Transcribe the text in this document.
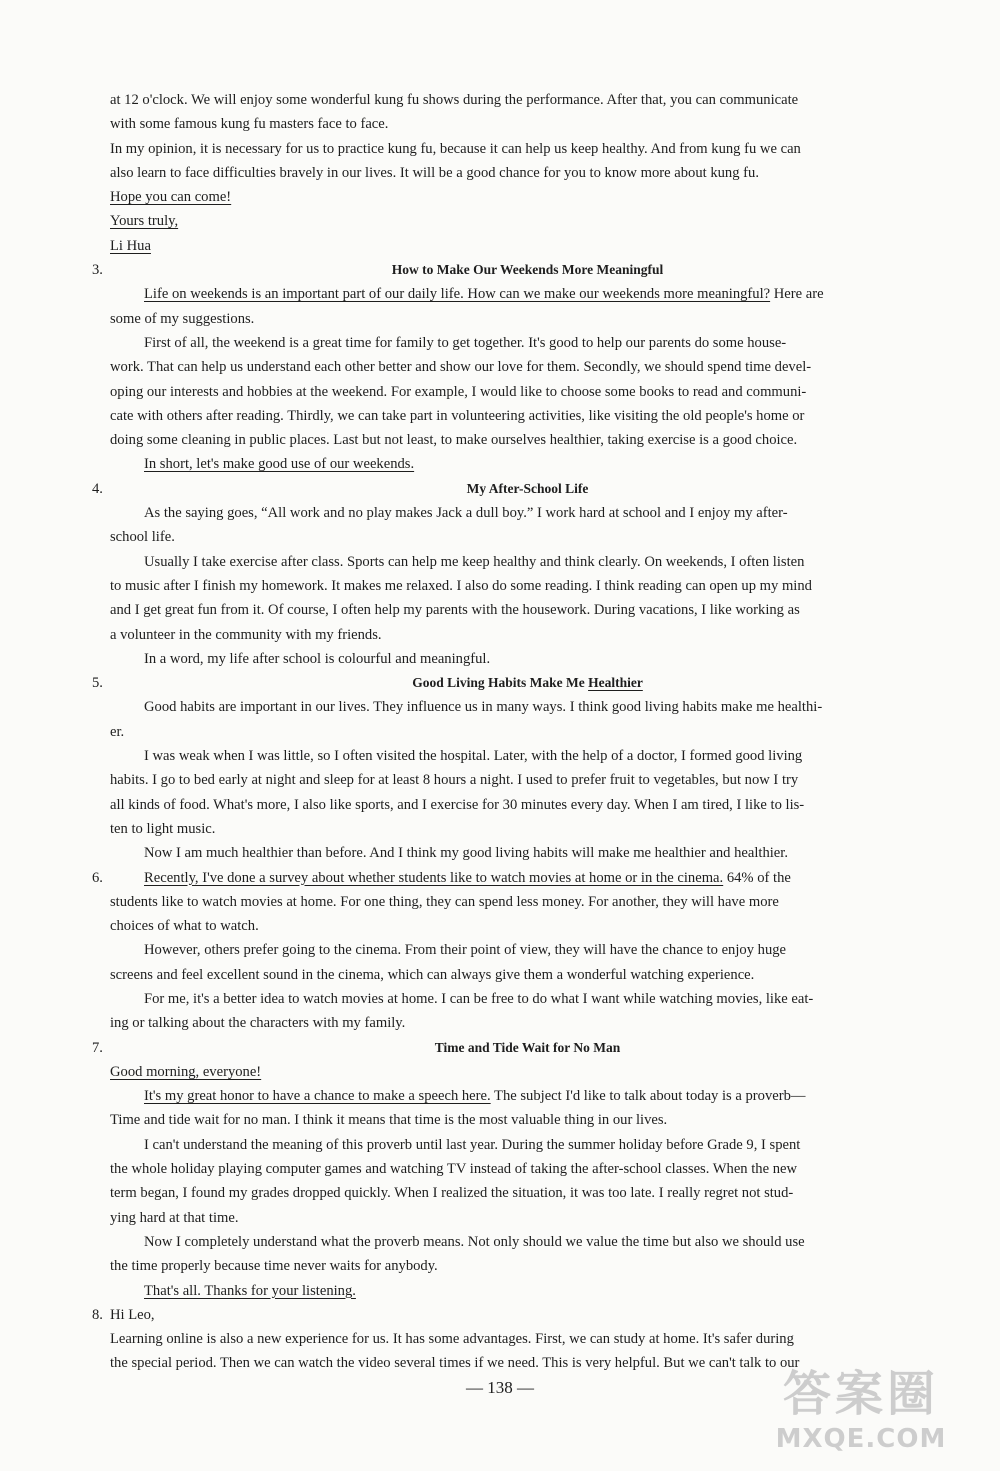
at 12 o'clock. We will enjoy some wonderful kung fu shows during the performance. After that, you can communicate
with some famous kung fu masters face to face.
In my opinion, it is necessary for us to practice kung fu, because it can help us keep healthy. And from kung fu we can
also learn to face difficulties bravely in our lives. It will be a good chance for you to know more about kung fu.
Hope you can come!
Yours truly,
Li Hua
3.	How to Make Our Weekends More Meaningful
Life on weekends is an important part of our daily life. How can we make our weekends more meaningful? Here are
some of my suggestions.
First of all, the weekend is a great time for family to get together. It's good to help our parents do some house-
work. That can help us understand each other better and show our love for them. Secondly, we should spend time devel-
oping our interests and hobbies at the weekend. For example, I would like to choose some books to read and communi-
cate with others after reading. Thirdly, we can take part in volunteering activities, like visiting the old people's home or
doing some cleaning in public places. Last but not least, to make ourselves healthier, taking exercise is a good choice.
In short, let's make good use of our weekends.
4.	My After-School Life
As the saying goes, “All work and no play makes Jack a dull boy.” I work hard at school and I enjoy my after-
school life.
Usually I take exercise after class. Sports can help me keep healthy and think clearly. On weekends, I often listen
to music after I finish my homework. It makes me relaxed. I also do some reading. I think reading can open up my mind
and I get great fun from it. Of course, I often help my parents with the housework. During vacations, I like working as
a volunteer in the community with my friends.
In a word, my life after school is colourful and meaningful.
5.	Good Living Habits Make Me Healthier
Good habits are important in our lives. They influence us in many ways. I think good living habits make me healthi-
er.
I was weak when I was little, so I often visited the hospital. Later, with the help of a doctor, I formed good living
habits. I go to bed early at night and sleep for at least 8 hours a night. I used to prefer fruit to vegetables, but now I try
all kinds of food. What's more, I also like sports, and I exercise for 30 minutes every day. When I am tired, I like to lis-
ten to light music.
Now I am much healthier than before. And I think my good living habits will make me healthier and healthier.
6.	Recently, I've done a survey about whether students like to watch movies at home or in the cinema. 64% of the
students like to watch movies at home. For one thing, they can spend less money. For another, they will have more
choices of what to watch.
However, others prefer going to the cinema. From their point of view, they will have the chance to enjoy huge
screens and feel excellent sound in the cinema, which can always give them a wonderful watching experience.
For me, it's a better idea to watch movies at home. I can be free to do what I want while watching movies, like eat-
ing or talking about the characters with my family.
7.	Time and Tide Wait for No Man
Good morning, everyone!
It's my great honor to have a chance to make a speech here. The subject I'd like to talk about today is a proverb—
Time and tide wait for no man. I think it means that time is the most valuable thing in our lives.
I can't understand the meaning of this proverb until last year. During the summer holiday before Grade 9, I spent
the whole holiday playing computer games and watching TV instead of taking the after-school classes. When the new
term began, I found my grades dropped quickly. When I realized the situation, it was too late. I really regret not stud-
ying hard at that time.
Now I completely understand what the proverb means. Not only should we value the time but also we should use
the time properly because time never waits for anybody.
That's all. Thanks for your listening.
8. Hi Leo,
Learning online is also a new experience for us. It has some advantages. First, we can study at home. It's safer during
the special period. Then we can watch the video several times if we need. This is very helpful. But we can't talk to our
— 138 —	答案圈
MXQE.COM
